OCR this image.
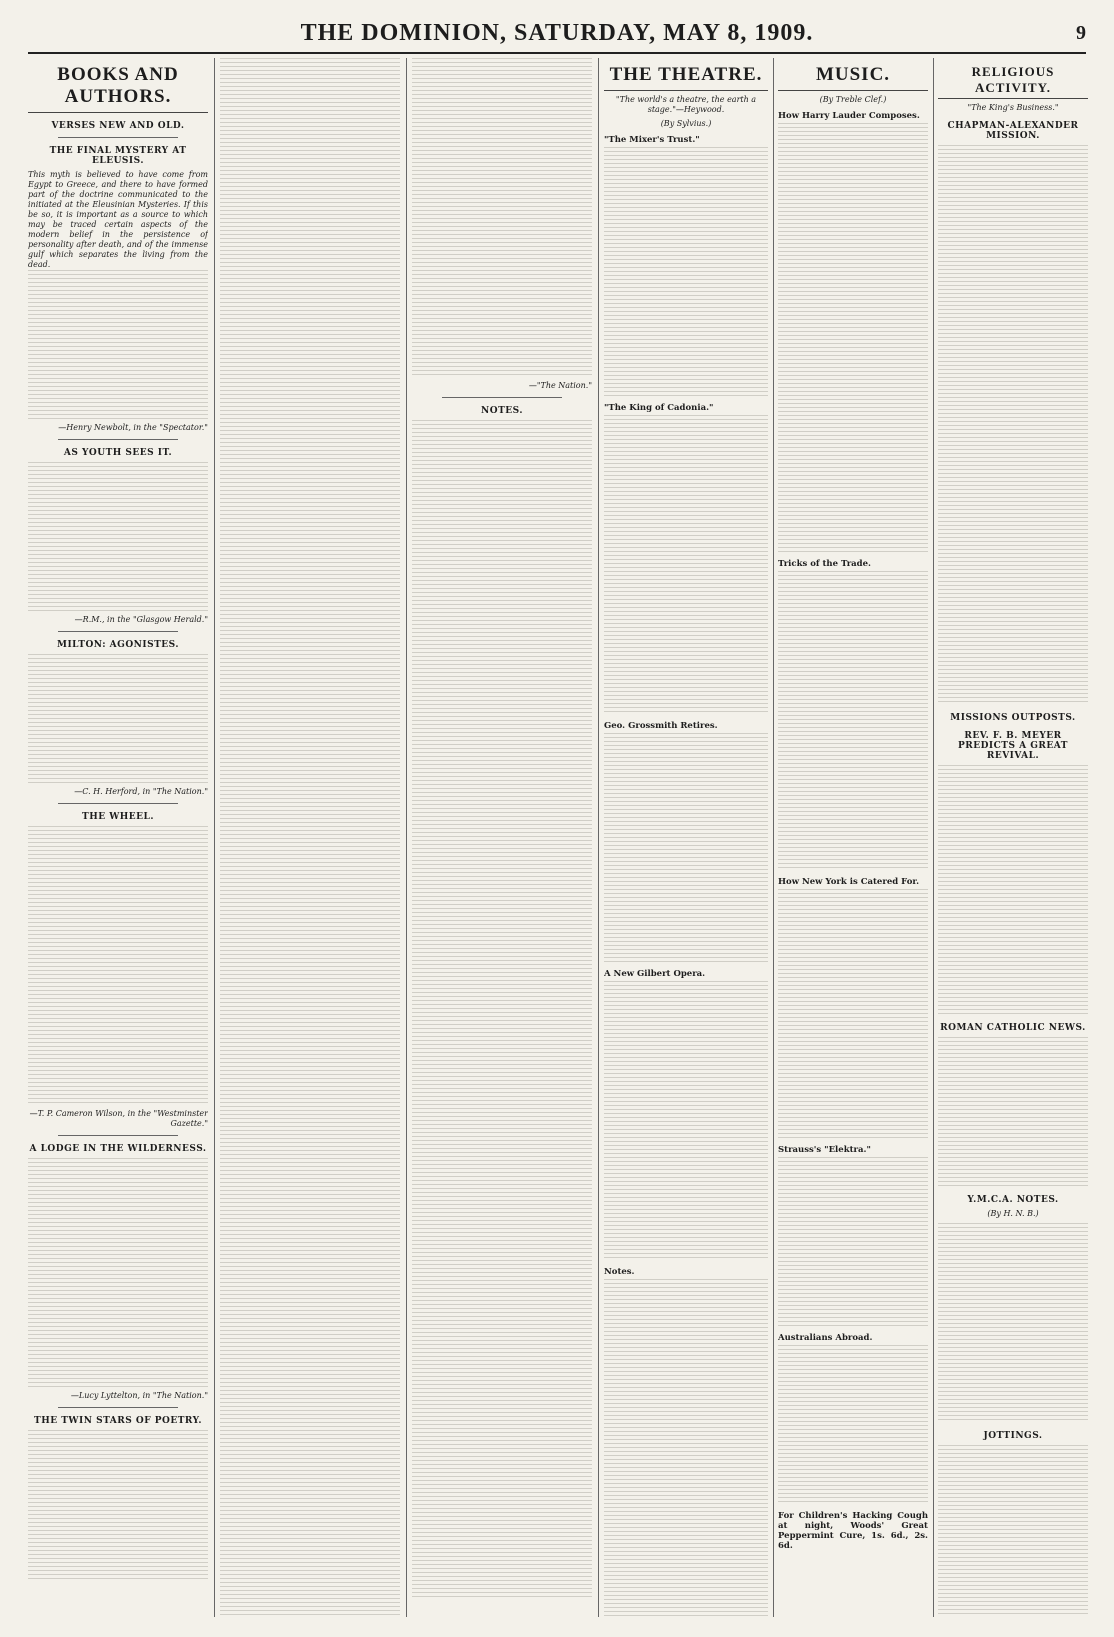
THE DOMINION, SATURDAY, MAY 8, 1909.	9
BOOKS AND AUTHORS.
VERSES NEW AND OLD.
THE FINAL MYSTERY AT ELEUSIS.
This myth is believed to have come from Egypt to Greece, and there to have formed part of the doctrine communicated to the initiated at the Eleusinian Mysteries. If this be so, it is important as a source to which may be traced certain aspects of the modern belief in the persistence of personality after death, and of the immense gulf which separates the living from the dead.
—Henry Newbolt, in the "Spectator."
AS YOUTH SEES IT.
—R.M., in the "Glasgow Herald."
MILTON: AGONISTES.
—C. H. Herford, in "The Nation."
THE WHEEL.
—T. P. Cameron Wilson, in the "Westminster Gazette."
A LODGE IN THE WILDERNESS.
—Lucy Lyttelton, in "The Nation."
THE TWIN STARS OF POETRY.
—"The Nation."
NOTES.
THE THEATRE.
"The world's a theatre, the earth a stage."—Heywood.
(By Sylvius.)
"The Mixer's Trust."
"The King of Cadonia."
Geo. Grossmith Retires.
A New Gilbert Opera.
Notes.
MUSIC.
(By Treble Clef.)
How Harry Lauder Composes.
Tricks of the Trade.
How New York is Catered For.
Strauss's "Elektra."
Australians Abroad.
For Children's Hacking Cough at night, Woods' Great Peppermint Cure, 1s. 6d., 2s. 6d.
RELIGIOUS ACTIVITY.
"The King's Business."
CHAPMAN-ALEXANDER MISSION.
MISSIONS OUTPOSTS.
REV. F. B. MEYER PREDICTS A GREAT REVIVAL.
ROMAN CATHOLIC NEWS.
Y.M.C.A. NOTES.
(By H. N. B.)
JOTTINGS.
